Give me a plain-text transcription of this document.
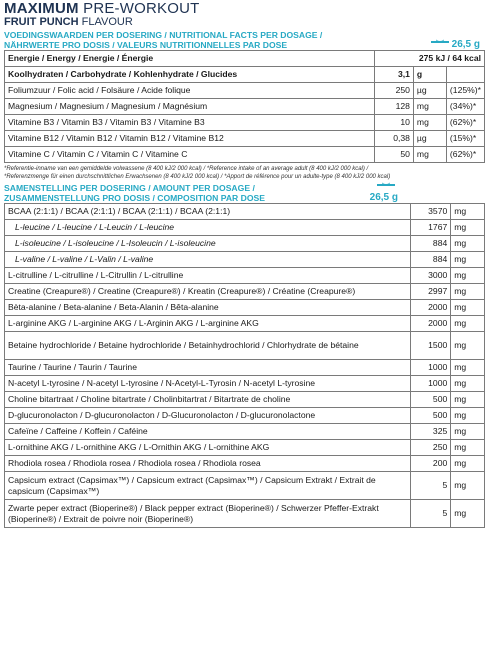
MAXIMUM PRE-WORKOUT
FRUIT PUNCH FLAVOUR
VOEDINGSWAARDEN PER DOSERING / NUTRITIONAL FACTS PER DOSAGE /
NÄHRWERTE PRO DOSIS / VALEURS NUTRITIONNELLES PAR DOSE	26,5 g
Energie / Energy / Energie / Énergie	275 kJ / 64 kcal		
Koolhydraten / Carbohydrate / Kohlenhydrate / Glucides	3,1	g	
Foliumzuur / Folic acid / Folsäure / Acide folique	250	µg	(125%)*
Magnesium / Magnesium / Magnesium / Magnésium	128	mg	(34%)*
Vitamine B3 / Vitamin B3 / Vitamin B3 / Vitamine B3	10	mg	(62%)*
Vitamine B12 / Vitamin B12 / Vitamin B12 / Vitamine B12	0,38	µg	(15%)*
Vitamine C / Vitamin C / Vitamin C / Vitamine C	50	mg	(62%)*
*Referentie-inname van een gemiddelde volwassene (8 400 kJ/2 000 kcal) / *Reference intake of an average adult (8 400 kJ/2 000 kcal) /
*Referenzmenge für einen durchschnittlichen Erwachsenen (8 400 kJ/2 000 kcal) / *Apport de référence pour un adulte-type (8 400 kJ/2 000 kcal)
SAMENSTELLING PER DOSERING / AMOUNT PER DOSAGE /
ZUSAMMENSTELLUNG PRO DOSIS / COMPOSITION PAR DOSE	26,5 g
BCAA (2:1:1) / BCAA (2:1:1) / BCAA (2:1:1) / BCAA (2:1:1)	3570	mg
L-leucine / L-leucine / L-Leucin / L-leucine	1767	mg
L-isoleucine / L-isoleucine / L-Isoleucin / L-isoleucine	884	mg
L-valine / L-valine / L-Valin / L-valine	884	mg
L-citrulline / L-citrulline / L-Citrullin / L-citrulline	3000	mg
Creatine (Creapure®) / Creatine (Creapure®) / Kreatin (Creapure®) / Créatine (Creapure®)	2997	mg
Bèta-alanine / Beta-alanine / Beta-Alanin / Bêta-alanine	2000	mg
L-arginine AKG / L-arginine AKG / L-Arginin AKG / L-arginine AKG	2000	mg
Betaine hydrochloride / Betaine hydrochloride / Betainhydrochlorid / Chlorhydrate de bétaine	1500	mg
Taurine / Taurine / Taurin / Taurine	1000	mg
N-acetyl L-tyrosine / N-acetyl L-tyrosine / N-Acetyl-L-Tyrosin / N-acetyl L-tyrosine	1000	mg
Choline bitartraat / Choline bitartrate / Cholinbitartrat / Bitartrate de choline	500	mg
D-glucuronolacton / D-glucuronolacton / D-Glucuronolacton / D-glucuronolactone	500	mg
Cafeïne / Caffeine / Koffein / Caféine	325	mg
L-ornithine AKG / L-ornithine AKG / L-Ornithin AKG / L-ornithine AKG	250	mg
Rhodiola rosea / Rhodiola rosea / Rhodiola rosea / Rhodiola rosea	200	mg
Capsicum extract (Capsimax™) / Capsicum extract (Capsimax™) / Capsicum Extrakt / Extrait de capsicum (Capsimax™)	5	mg
Zwarte peper extract (Bioperine®) / Black pepper extract (Bioperine®) / Schwerzer Pfeffer-Extrakt (Bioperine®) / Extrait de poivre noir (Bioperine®)	5	mg
